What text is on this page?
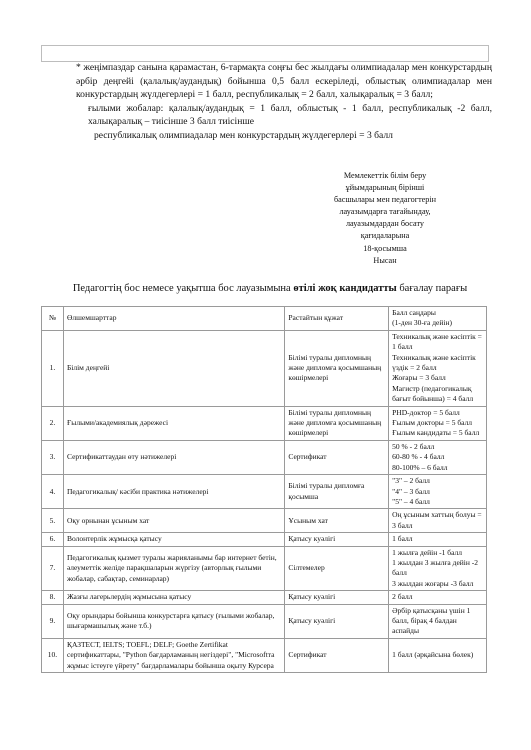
* жеңімпаздар санына қарамастан, 6-тармақта соңғы бес жылдағы олимпиадалар мен конкурстардың әрбір деңгейі (қалалық/аудандық) бойынша 0,5 балл ескеріледі, облыстық олимпиадалар мен конкурстардың жүлдегерлері = 1 балл, республикалық = 2 балл, халықаралық = 3 балл;

ғылыми жобалар: қалалық/аудандық = 1 балл, облыстық - 1 балл, республикалық -2 балл, халықаралық – тиісінше 3 балл тиісінше

республикалық олимпиадалар мен конкурстардың жүлдегерлері = 3 балл

Мемлекеттік білім беру
ұйымдарының бірінші
басшылары мен педагогтерін
лауазымдарға тағайындау,
лауазымдардан босату
қағидаларына
18-қосымша
Нысан
Педагогтің бос немесе уақытша бос лауазымына өтілі жоқ кандидатты бағалау парағы
№	Өлшемшарттар	Растайтын құжат	Балл саңдары
(1-ден 30-ға дейін)

1.	Білім деңгейі	Білімі туралы дипломның және дипломға қосымшаның көшірмелері	Техникалық және кәсіптік = 1 балл
Техникалық және кәсіптік үздік = 2 балл
Жоғары = 3 балл
Магистр (педагогикалық бағыт бойынша) = 4 балл

2.	Ғылыми/академиялық дәрежесі	Білімі туралы дипломның және дипломға қосымшаның көшірмелері	PHD-доктор = 5 балл
Ғылым докторы = 5 балл
Ғылым кандидаты = 5 балл

3.	Сертификаттаудан өту нәтижелері	Сертификат	50 % - 2 балл
60-80 % - 4 балл
80-100% – 6 балл

4.	Педагогикалық/ кәсіби практика нәтижелері	Білімі туралы дипломға қосымша	"3" – 2 балл
"4" – 3 балл
"5" – 4 балл

5.	Оқу орнынан ұсыным хат	Ұсыным хат	Оң ұсыным хаттың болуы = 3 балл

6.	Волонтерлік жұмысқа қатысу	Қатысу куәлігі	1 балл

7.	Педагогикалық қызмет туралы жарияланымы бар интернет бетін, әлеуметтік желіде парақшаларын жүргізу (авторлық ғылыми жобалар, сабақтар, семинарлар)	Сілтемелер	1 жылға дейін -1 балл
1 жылдан 3 жылға дейін -2 балл
3 жылдан жоғары -3 балл

8.	Жазғы лагерьлердің жұмысына қатысу	Қатысу куәлігі	2 балл

9.	Оқу орындары бойынша конкурстарға қатысу (ғылыми жобалар, шығармашылық және т.б.)	Қатысу куәлігі	Әрбір қатысқаны үшін 1 балл, бірақ 4 балдан аспайды

10.	ҚАЗТЕСТ, IELTS; TOEFL; DELF; Goethe Zertifikat сертификаттары, "Python бағдарламаның негіздері", "Microsoftта жұмыс істеуге үйрету" бағдарламалары бойынша оқыту Курсера	Сертификат	1 балл (әрқайсына бөлек)
